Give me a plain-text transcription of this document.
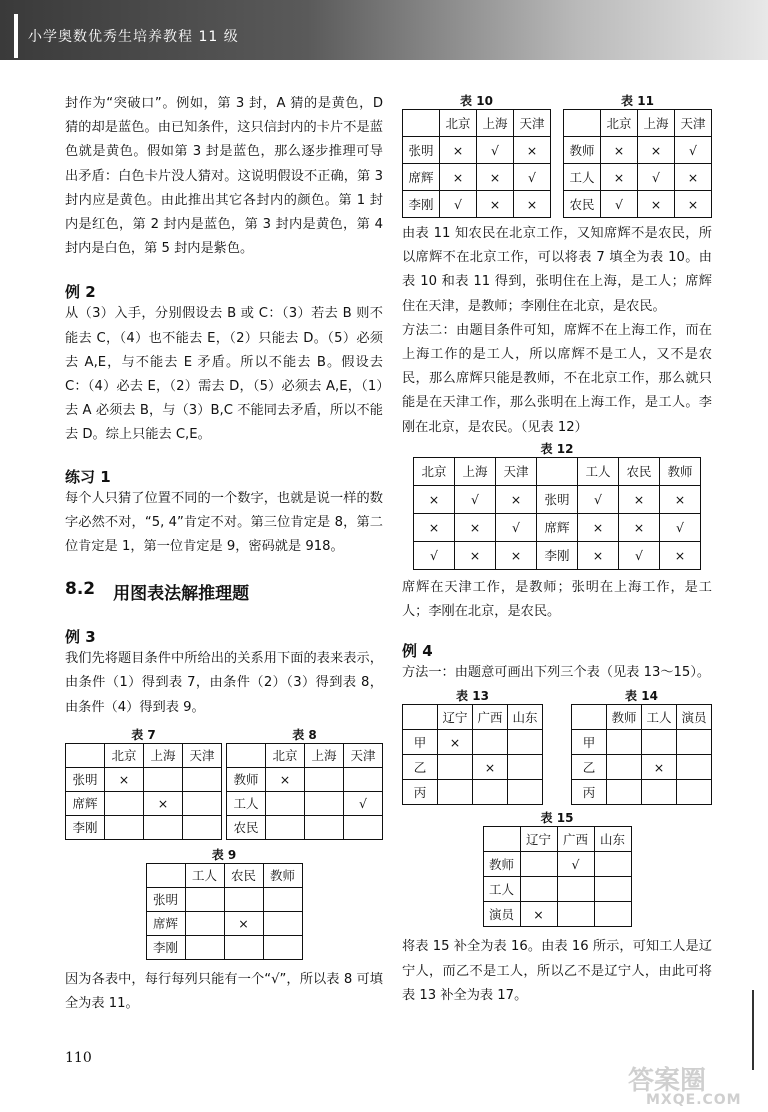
小学奥数优秀生培养教程 11 级

封作为“突破口”。例如，第 3 封，A 猜的是黄色，D 猜的却是蓝色。由已知条件，这只信封内的卡片不是蓝色就是黄色。假如第 3 封是蓝色，那么逐步推理可导出矛盾：白色卡片没人猜对。这说明假设不正确，第 3 封内应是黄色。由此推出其它各封内的颜色。第 1 封内是红色，第 2 封内是蓝色，第 3 封内是黄色，第 4 封内是白色，第 5 封内是紫色。

例 2

从（3）入手，分别假设去 B 或 C：（3）若去 B 则不能去 C，（4）也不能去 E，（2）只能去 D。（5）必须去 A,E，与不能去 E 矛盾。所以不能去 B。假设去 C：（4）必去 E，（2）需去 D，（5）必须去 A,E，（1）去 A 必须去 B，与（3）B,C 不能同去矛盾，所以不能去 D。综上只能去 C,E。

练习 1

每个人只猜了位置不同的一个数字，也就是说一样的数字必然不对，“5, 4”肯定不对。第三位肯定是 8，第二位肯定是 1，第一位肯定是 9，密码就是 918。

8.2 用图表法解推理题

例 3

我们先将题目条件中所给出的关系用下面的表来表示，由条件（1）得到表 7，由条件（2）（3）得到表 8，由条件（4）得到表 9。

表 7

	北京	上海	天津
张明	×		
席辉		×	
李刚			

表 8

	北京	上海	天津
教师	×		
工人			√
农民			

表 9

	工人	农民	教师
张明			
席辉		×	
李刚			

因为各表中，每行每列只能有一个“√”，所以表 8 可填全为表 11。

表 10

	北京	上海	天津
张明	×	√	×
席辉	×	×	√
李刚	√	×	×

表 11

	北京	上海	天津
教师	×	×	√
工人	×	√	×
农民	√	×	×

由表 11 知农民在北京工作，又知席辉不是农民，所以席辉不在北京工作，可以将表 7 填全为表 10。由表 10 和表 11 得到，张明住在上海，是工人；席辉住在天津，是教师；李刚住在北京，是农民。

方法二：由题目条件可知，席辉不在上海工作，而在上海工作的是工人，所以席辉不是工人，又不是农民，那么席辉只能是教师，不在北京工作，那么就只能是在天津工作，那么张明在上海工作，是工人。李刚在北京，是农民。（见表 12）

表 12

北京	上海	天津		工人	农民	教师
×	√	×	张明	√	×	×
×	×	√	席辉	×	×	√
√	×	×	李刚	×	√	×

席辉在天津工作，是教师；张明在上海工作，是工人；李刚在北京，是农民。

例 4

方法一：由题意可画出下列三个表（见表 13～15）。

表 13

	辽宁	广西	山东
甲	×		
乙		×	
丙			

表 14

	教师	工人	演员
甲			
乙		×	
丙			

表 15

	辽宁	广西	山东
教师		√	
工人			
演员	×		

将表 15 补全为表 16。由表 16 所示，可知工人是辽宁人，而乙不是工人，所以乙不是辽宁人，由此可将表 13 补全为表 17。

110
答案圈
MXQE.COM
